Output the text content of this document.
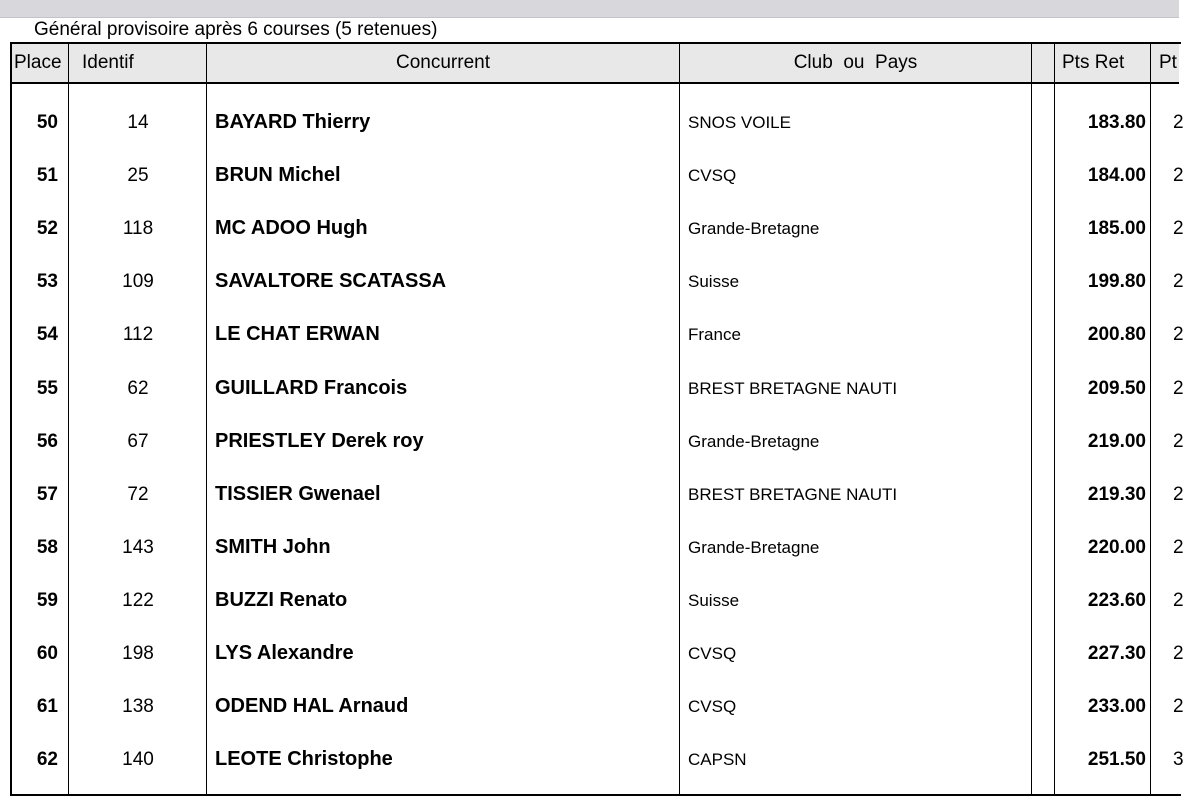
Général provisoire après 6 courses (5 retenues)
Place Identif	Concurrent	Club  ou  Pays	Pts Ret Pt
50	14	BAYARD Thierry	SNOS VOILE	183.80 2
51	25	BRUN Michel	CVSQ	184.00 2
52	118	MC ADOO Hugh	Grande-Bretagne	185.00 2
53	109	SAVALTORE SCATASSA	Suisse	199.80 2
54	112	LE CHAT ERWAN	France	200.80 2
55	62	GUILLARD Francois	BREST BRETAGNE NAUTI	209.50 2
56	67	PRIESTLEY Derek roy	Grande-Bretagne	219.00 2
57	72	TISSIER Gwenael	BREST BRETAGNE NAUTI	219.30 2
58	143	SMITH John	Grande-Bretagne	220.00 2
59	122	BUZZI Renato	Suisse	223.60 2
60	198	LYS Alexandre	CVSQ	227.30 2
61	138	ODEND HAL Arnaud	CVSQ	233.00 2
62	140	LEOTE Christophe	CAPSN	251.50 3
